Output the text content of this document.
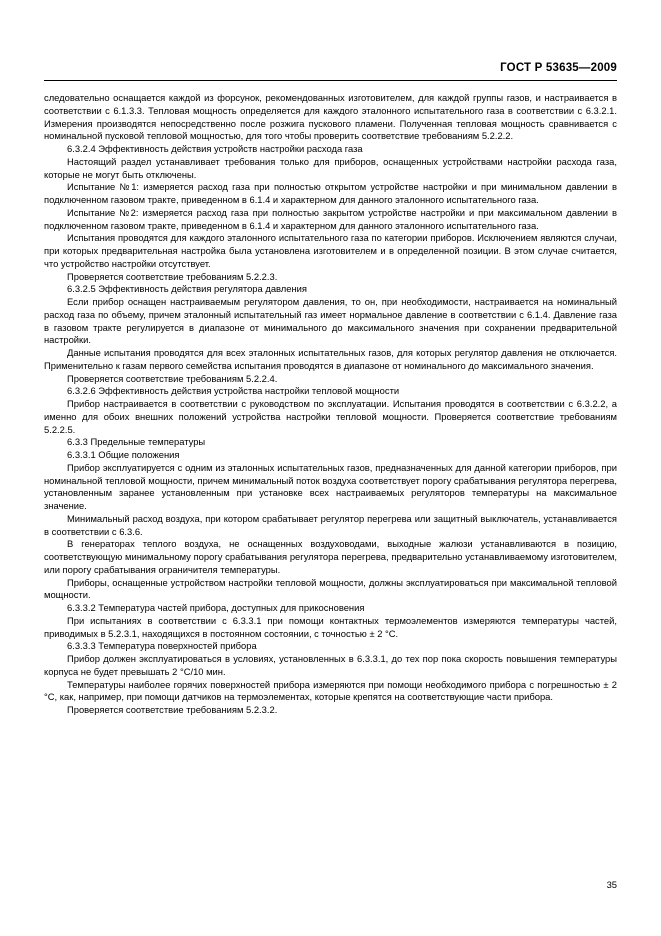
ГОСТ Р 53635—2009

следовательно оснащается каждой из форсунок, рекомендованных изготовителем, для каждой группы газов, и настраивается в соответствии с 6.1.3.3. Тепловая мощность определяется для каждого эталонного испытательного газа в соответствии с 6.3.2.1. Измерения производятся непосредственно после розжига пускового пламени. Полученная тепловая мощность сравнивается с номинальной пусковой тепловой мощностью, для того чтобы проверить соответствие требованиям 5.2.2.2.

6.3.2.4 Эффективность действия устройств настройки расхода газа

Настоящий раздел устанавливает требования только для приборов, оснащенных устройствами настройки расхода газа, которые не могут быть отключены.

Испытание №1: измеряется расход газа при полностью открытом устройстве настройки и при минимальном давлении в подключенном газовом тракте, приведенном в 6.1.4 и характерном для данного эталонного испытательного газа.

Испытание №2: измеряется расход газа при полностью закрытом устройстве настройки и при максимальном давлении в подключенном газовом тракте, приведенном в 6.1.4 и характерном для данного эталонного испытательного газа.

Испытания проводятся для каждого эталонного испытательного газа по категории приборов. Исключением являются случаи, при которых предварительная настройка была установлена изготовителем и в определенной позиции. В этом случае считается, что устройство настройки отсутствует.

Проверяется соответствие требованиям 5.2.2.3.

6.3.2.5 Эффективность действия регулятора давления

Если прибор оснащен настраиваемым регулятором давления, то он, при необходимости, настраивается на номинальный расход газа по объему, причем эталонный испытательный газ имеет нормальное давление в соответствии с 6.1.4. Давление газа в газовом тракте регулируется в диапазоне от минимального до максимального значения при сохранении предварительной настройки.

Данные испытания проводятся для всех эталонных испытательных газов, для которых регулятор давления не отключается. Применительно к газам первого семейства испытания проводятся в диапазоне от номинального до максимального значения.

Проверяется соответствие требованиям 5.2.2.4.

6.3.2.6 Эффективность действия устройства настройки тепловой мощности

Прибор настраивается в соответствии с руководством по эксплуатации. Испытания проводятся в соответствии с 6.3.2.2, а именно для обоих внешних положений устройства настройки тепловой мощности. Проверяется соответствие требованиям 5.2.2.5.

6.3.3 Предельные температуры

6.3.3.1 Общие положения

Прибор эксплуатируется с одним из эталонных испытательных газов, предназначенных для данной категории приборов, при номинальной тепловой мощности, причем минимальный поток воздуха соответствует порогу срабатывания регулятора перегрева, установленным заранее установленным при установке всех настраиваемых регуляторов температуры на максимальное значение.

Минимальный расход воздуха, при котором срабатывает регулятор перегрева или защитный выключатель, устанавливается в соответствии с 6.3.6.

В генераторах теплого воздуха, не оснащенных воздуховодами, выходные жалюзи устанавливаются в позицию, соответствующую минимальному порогу срабатывания регулятора перегрева, предварительно устанавливаемому изготовителем, или порогу срабатывания ограничителя температуры.

Приборы, оснащенные устройством настройки тепловой мощности, должны эксплуатироваться при максимальной тепловой мощности.

6.3.3.2 Температура частей прибора, доступных для прикосновения

При испытаниях в соответствии с 6.3.3.1 при помощи контактных термоэлементов измеряются температуры частей, приводимых в 5.2.3.1, находящихся в постоянном состоянии, с точностью ± 2 °С.

6.3.3.3 Температура поверхностей прибора

Прибор должен эксплуатироваться в условиях, установленных в 6.3.3.1, до тех пор пока скорость повышения температуры корпуса не будет превышать 2 °С/10 мин.

Температуры наиболее горячих поверхностей прибора измеряются при помощи необходимого прибора с погрешностью ± 2 °С, как, например, при помощи датчиков на термоэлементах, которые крепятся на соответствующие части прибора.

Проверяется соответствие требованиям 5.2.3.2.

35
